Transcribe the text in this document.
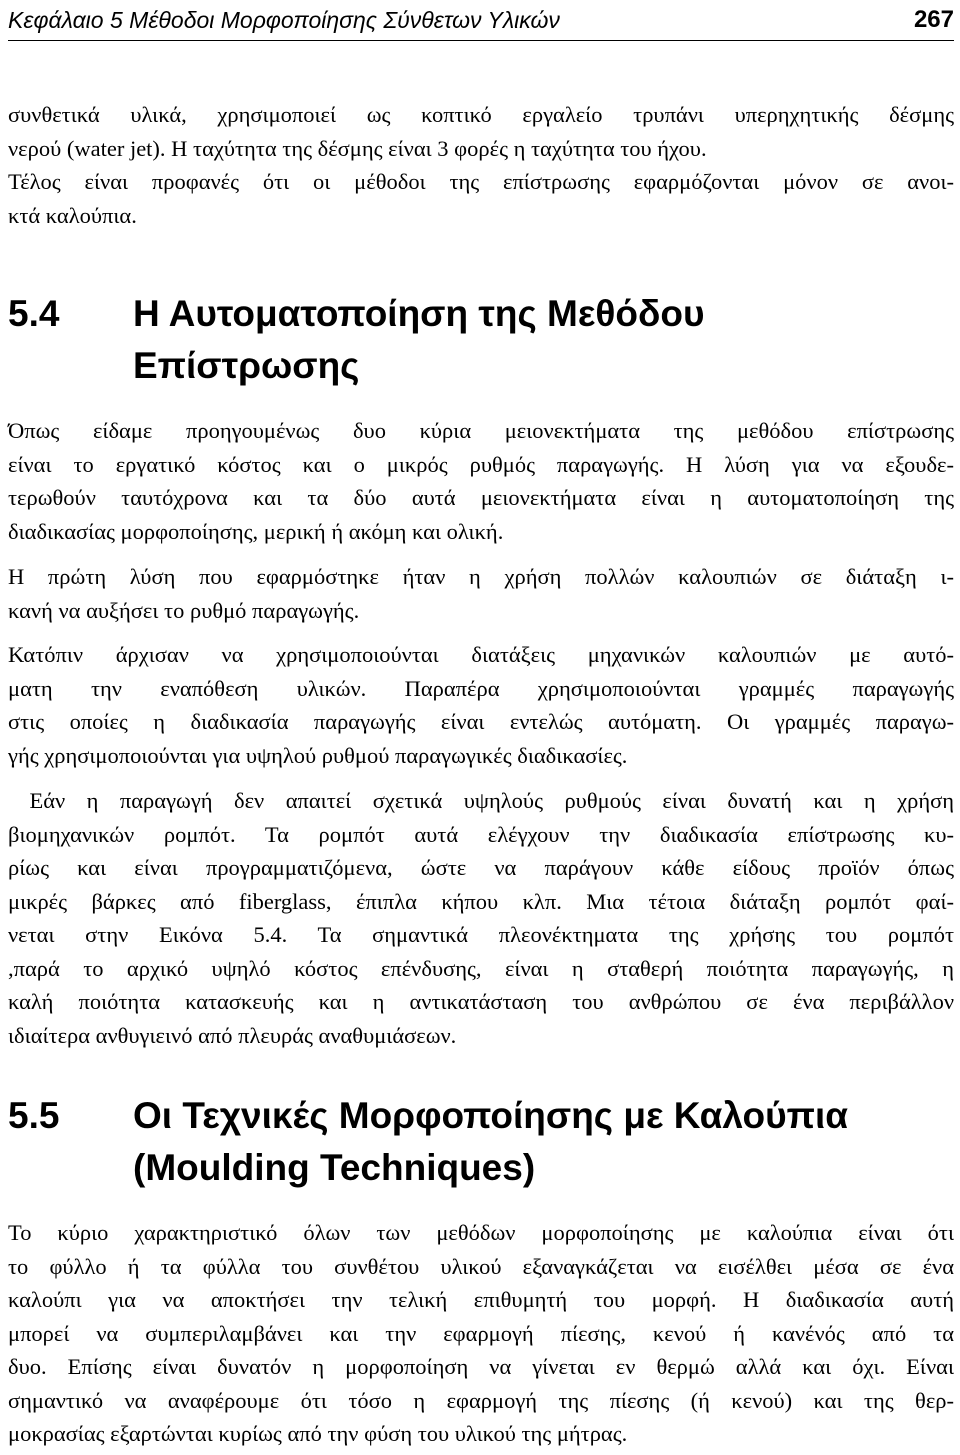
Κεφάλαιο 5 Μέθοδοι Μορφοποίησης Σύνθετων Υλικών	267

συνθετικά υλικά, χρησιμοποιεί ως κοπτικό εργαλείο τρυπάνι υπερηχητικής δέσμης
νερού (water jet). Η ταχύτητα της δέσμης είναι 3 φορές η ταχύτητα του ήχου.
Τέλος είναι προφανές ότι οι μέθοδοι της επίστρωσης εφαρμόζονται μόνον σε ανοι-
κτά καλούπια.

5.4	Η Αυτοματοποίηση της Μεθόδου
Επίστρωσης

Όπως είδαμε προηγουμένως δυο κύρια μειονεκτήματα της μεθόδου επίστρωσης
είναι το εργατικό κόστος και ο μικρός ρυθμός παραγωγής. Η λύση για να εξουδε-
τερωθούν ταυτόχρονα και τα δύο αυτά μειονεκτήματα είναι η αυτοματοποίηση της
διαδικασίας μορφοποίησης, μερική ή ακόμη και ολική.

Η πρώτη λύση που εφαρμόστηκε ήταν η χρήση πολλών καλουπιών σε διάταξη ι-
κανή να αυξήσει το ρυθμό παραγωγής.

Κατόπιν άρχισαν να χρησιμοποιούνται διατάξεις μηχανικών καλουπιών με αυτό-
ματη την εναπόθεση υλικών. Παραπέρα χρησιμοποιούνται γραμμές παραγωγής
στις οποίες η διαδικασία παραγωγής είναι εντελώς αυτόματη. Οι γραμμές παραγω-
γής χρησιμοποιούνται για υψηλού ρυθμού παραγωγικές διαδικασίες.

Εάν η παραγωγή δεν απαιτεί σχετικά υψηλούς ρυθμούς είναι δυνατή και η χρήση
βιομηχανικών ρομπότ. Τα ρομπότ αυτά ελέγχουν την διαδικασία επίστρωσης κυ-
ρίως και είναι προγραμματιζόμενα, ώστε να παράγουν κάθε είδους προϊόν όπως
μικρές βάρκες από fiberglass, έπιπλα κήπου κλπ. Μια τέτοια διάταξη ρομπότ φαί-
νεται στην Εικόνα 5.4. Τα σημαντικά πλεονέκτηματα της χρήσης του ρομπότ
,παρά το αρχικό υψηλό κόστος επένδυσης, είναι η σταθερή ποιότητα παραγωγής, η
καλή ποιότητα κατασκευής και η αντικατάσταση του ανθρώπου σε ένα περιβάλλον
ιδιαίτερα ανθυγιεινό από πλευράς αναθυμιάσεων.

5.5	Οι Τεχνικές Μορφοποίησης με Καλούπια
(Moulding Techniques)

Το κύριο χαρακτηριστικό όλων των μεθόδων μορφοποίησης με καλούπια είναι ότι
το φύλλο ή τα φύλλα του συνθέτου υλικού εξαναγκάζεται να εισέλθει μέσα σε ένα
καλούπι για να αποκτήσει την τελική επιθυμητή του μορφή. Η διαδικασία αυτή
μπορεί να συμπεριλαμβάνει και την εφαρμογή πίεσης, κενού ή κανένός από τα
δυο. Επίσης είναι δυνατόν η μορφοποίηση να γίνεται εν θερμώ αλλά και όχι. Είναι
σημαντικό να αναφέρουμε ότι τόσο η εφαρμογή της πίεσης (ή κενού) και της θερ-
μοκρασίας εξαρτώνται κυρίως από την φύση του υλικού της μήτρας.
